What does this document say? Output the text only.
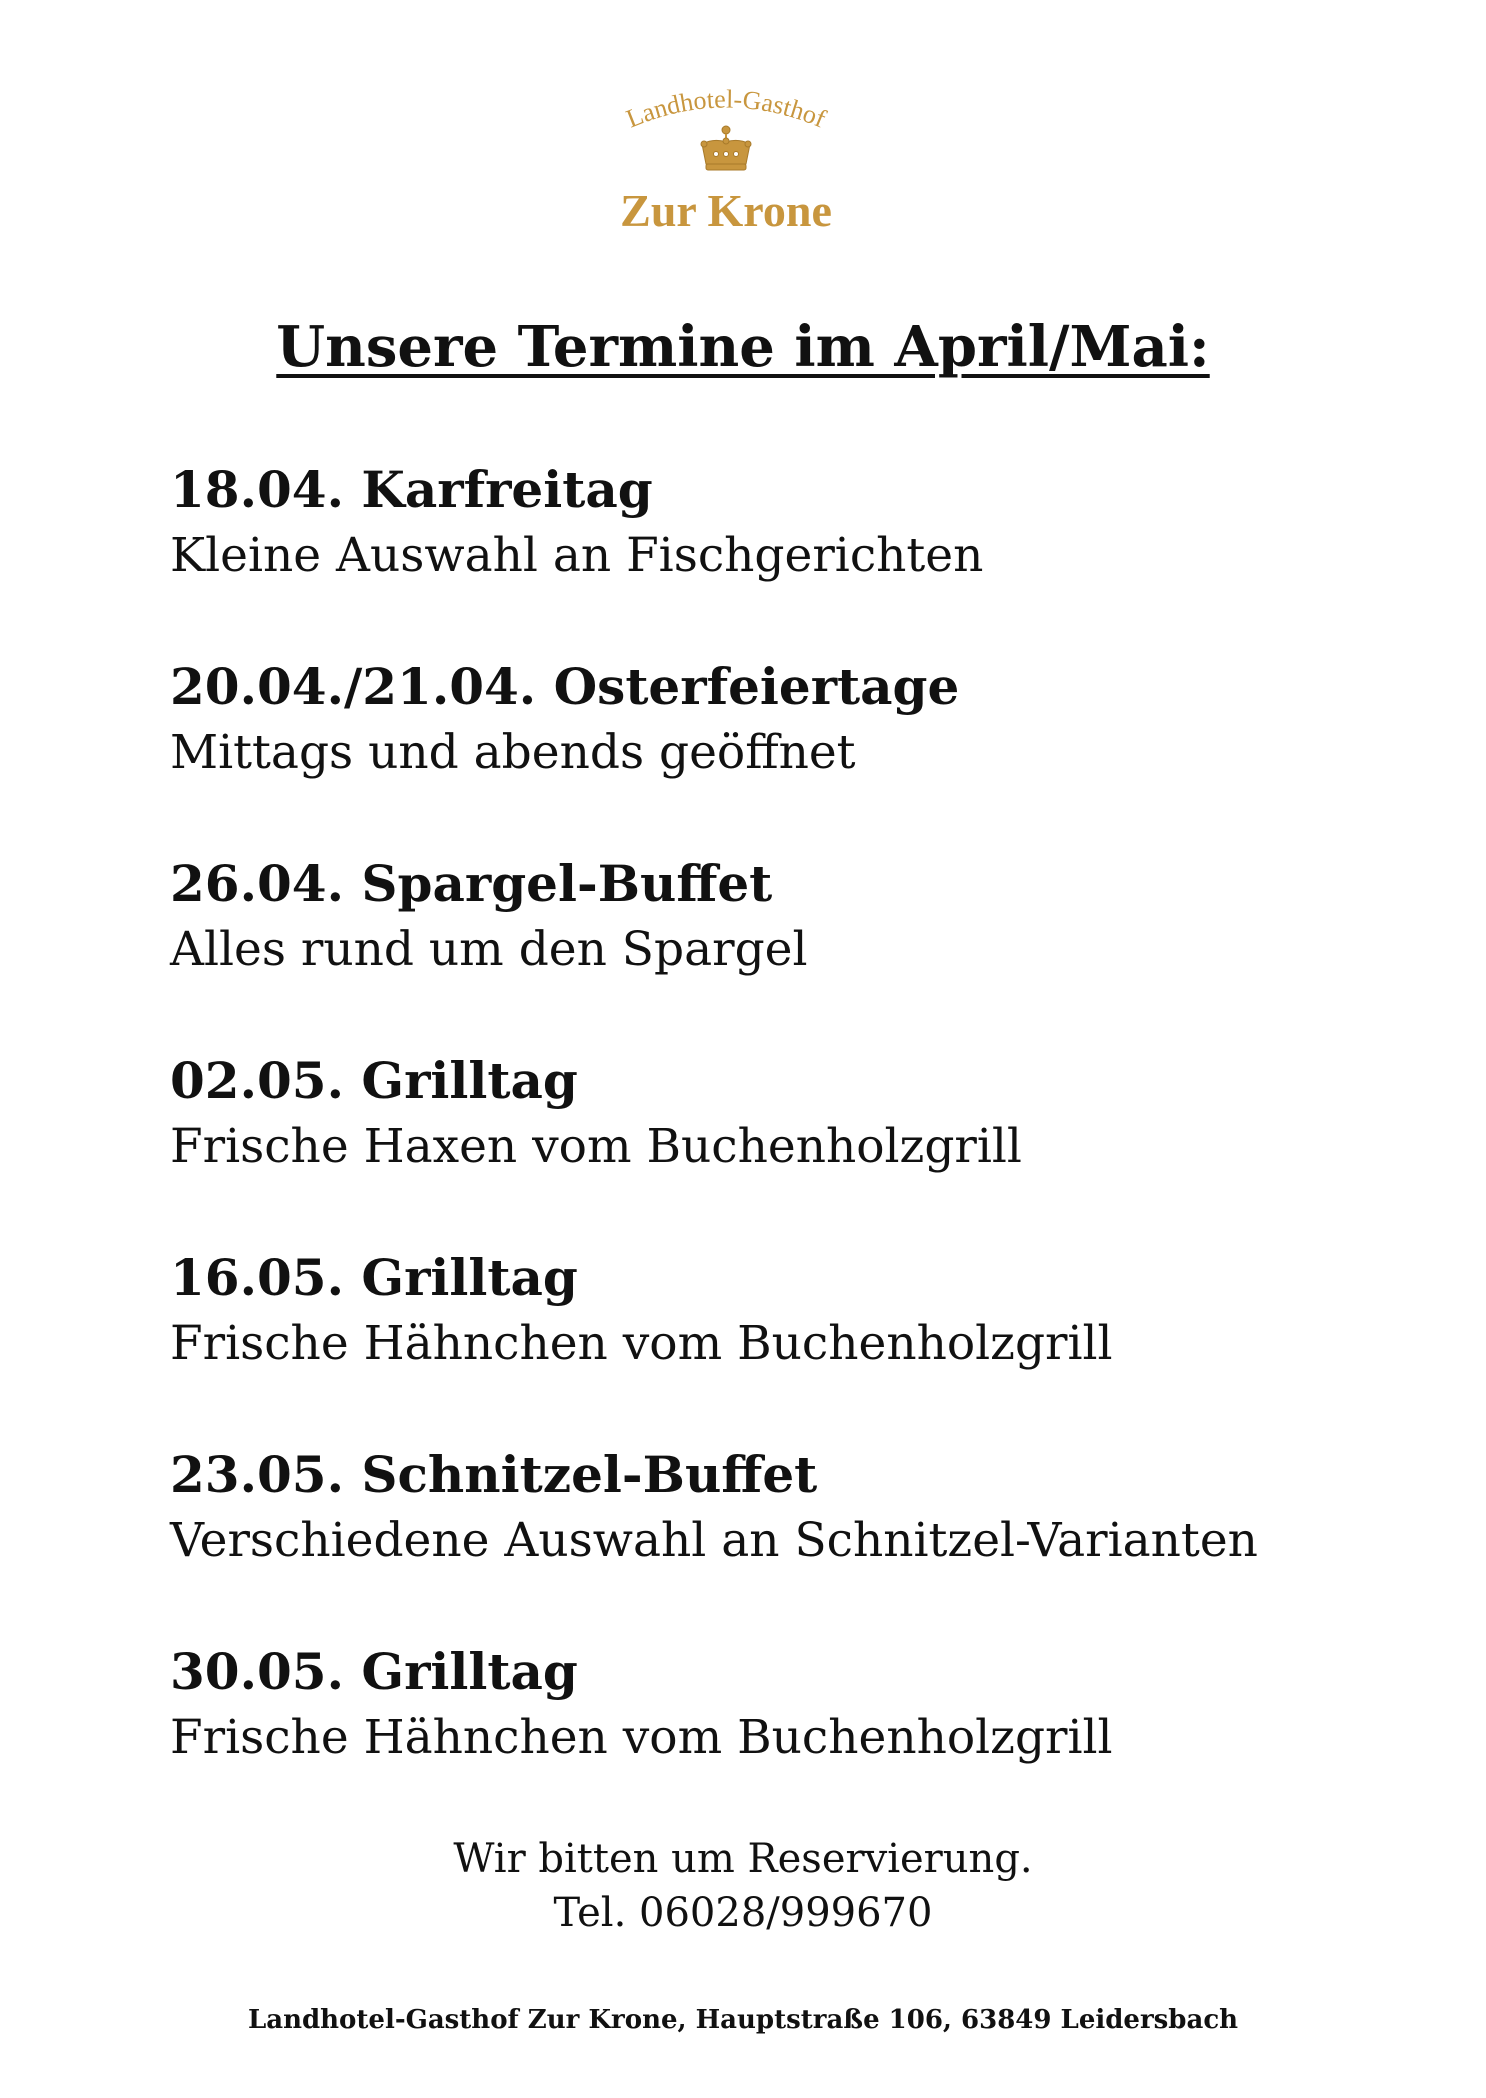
Landhotel-Gasthof
Zur Krone
Unsere Termine im April/Mai:
18.04. Karfreitag
Kleine Auswahl an Fischgerichten
20.04./21.04. Osterfeiertage
Mittags und abends geöffnet
26.04. Spargel-Buffet
Alles rund um den Spargel
02.05. Grilltag
Frische Haxen vom Buchenholzgrill
16.05. Grilltag
Frische Hähnchen vom Buchenholzgrill
23.05. Schnitzel-Buffet
Verschiedene Auswahl an Schnitzel-Varianten
30.05. Grilltag
Frische Hähnchen vom Buchenholzgrill
Wir bitten um Reservierung.
Tel. 06028/999670
Landhotel-Gasthof Zur Krone, Hauptstraße 106, 63849 Leidersbach
